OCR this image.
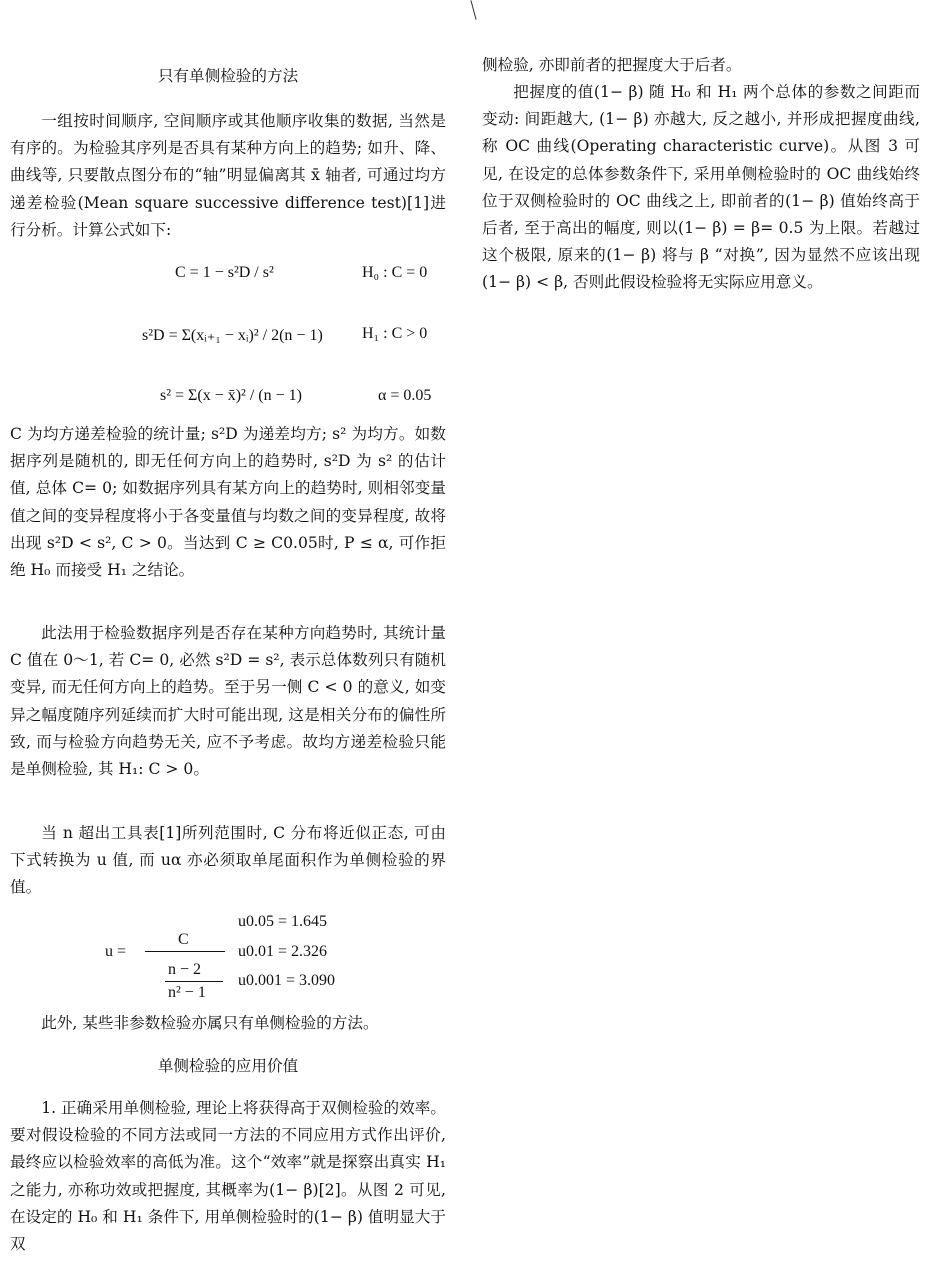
只有单侧检验的方法

一组按时间顺序, 空间顺序或其他顺序收集的数据, 当然是有序的。为检验其序列是否具有某种方向上的趋势; 如升、降、曲线等, 只要散点图分布的“轴”明显偏离其 x̄ 轴者, 可通过均方递差检验(Mean square successive difference test)[1]进行分析。计算公式如下:

C = 1 − s²D / s²	H₀ : C = 0
s²D = Σ(xᵢ₊₁ − xᵢ)² / 2(n − 1) H₁ : C > 0
s² = Σ(x − x̄)² / (n − 1)	α = 0.05

C 为均方递差检验的统计量; s²D 为递差均方; s² 为均方。如数据序列是随机的, 即无任何方向上的趋势时, s²D 为 s² 的估计值, 总体 C= 0; 如数据序列具有某方向上的趋势时, 则相邻变量值之间的变异程度将小于各变量值与均数之间的变异程度, 故将出现 s²D < s², C > 0。当达到 C ≥ C0.05时, P ≤ α, 可作拒绝 H₀ 而接受 H₁ 之结论。

此法用于检验数据序列是否存在某种方向趋势时, 其统计量 C 值在 0～1, 若 C= 0, 必然 s²D = s², 表示总体数列只有随机变异, 而无任何方向上的趋势。至于另一侧 C < 0 的意义, 如变异之幅度随序列延续而扩大时可能出现, 这是相关分布的偏性所致, 而与检验方向趋势无关, 应不予考虑。故均方递差检验只能是单侧检验, 其 H₁: C > 0。

当 n 超出工具表[1]所列范围时, C 分布将近似正态, 可由下式转换为 u 值, 而 uα 亦必须取单尾面积作为单侧检验的界值。

u =
C
n − 2
n² − 1
u0.05 = 1.645
u0.01 = 2.326
u0.001 = 3.090

此外, 某些非参数检验亦属只有单侧检验的方法。

单侧检验的应用价值

1. 正确采用单侧检验, 理论上将获得高于双侧检验的效率。要对假设检验的不同方法或同一方法的不同应用方式作出评价, 最终应以检验效率的高低为准。这个“效率”就是探察出真实 H₁ 之能力, 亦称功效或把握度, 其概率为(1− β)[2]。从图 2 可见, 在设定的 H₀ 和 H₁ 条件下, 用单侧检验时的(1− β) 值明显大于双

侧检验, 亦即前者的把握度大于后者。

把握度的值(1− β) 随 H₀ 和 H₁ 两个总体的参数之间距而变动: 间距越大, (1− β) 亦越大, 反之越小, 并形成把握度曲线, 称 OC 曲线(Operating characteristic curve)。从图 3 可见, 在设定的总体参数条件下, 采用单侧检验时的 OC 曲线始终位于双侧检验时的 OC 曲线之上, 即前者的(1− β) 值始终高于后者, 至于高出的幅度, 则以(1− β) = β= 0.5 为上限。若越过这个极限, 原来的(1− β) 将与 β “对换”, 因为显然不应该出现(1− β) < β, 否则此假设检验将无实际应用意义。
